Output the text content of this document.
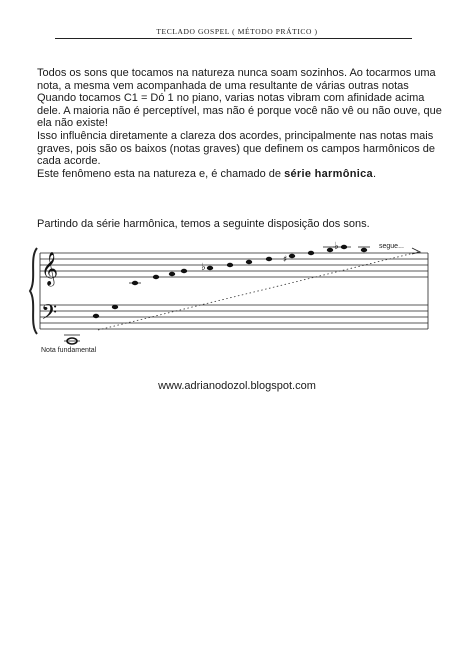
TECLADO GOSPEL ( MÉTODO PRÁTICO )

Todos os sons que tocamos na natureza nunca soam sozinhos. Ao tocarmos uma nota, a mesma vem acompanhada de uma resultante de várias outras notas Quando tocamos C1 = Dó 1 no piano, varias notas vibram com afinidade acima dele. A maioria não é perceptível, mas não é porque você não vê ou não ouve, que ela não existe!

Isso influência diretamente a clareza dos acordes, principalmente nas notas mais graves, pois são os baixos (notas graves) que definem os campos harmônicos de cada acorde.

Este fenômeno esta na natureza e, é chamado de série harmônica.

Partindo da série harmônica, temos a seguinte disposição dos sons.
𝄞
𝄢
♭
♯
♭	segue...
Nota fundamental
www.adrianodozol.blogspot.com
